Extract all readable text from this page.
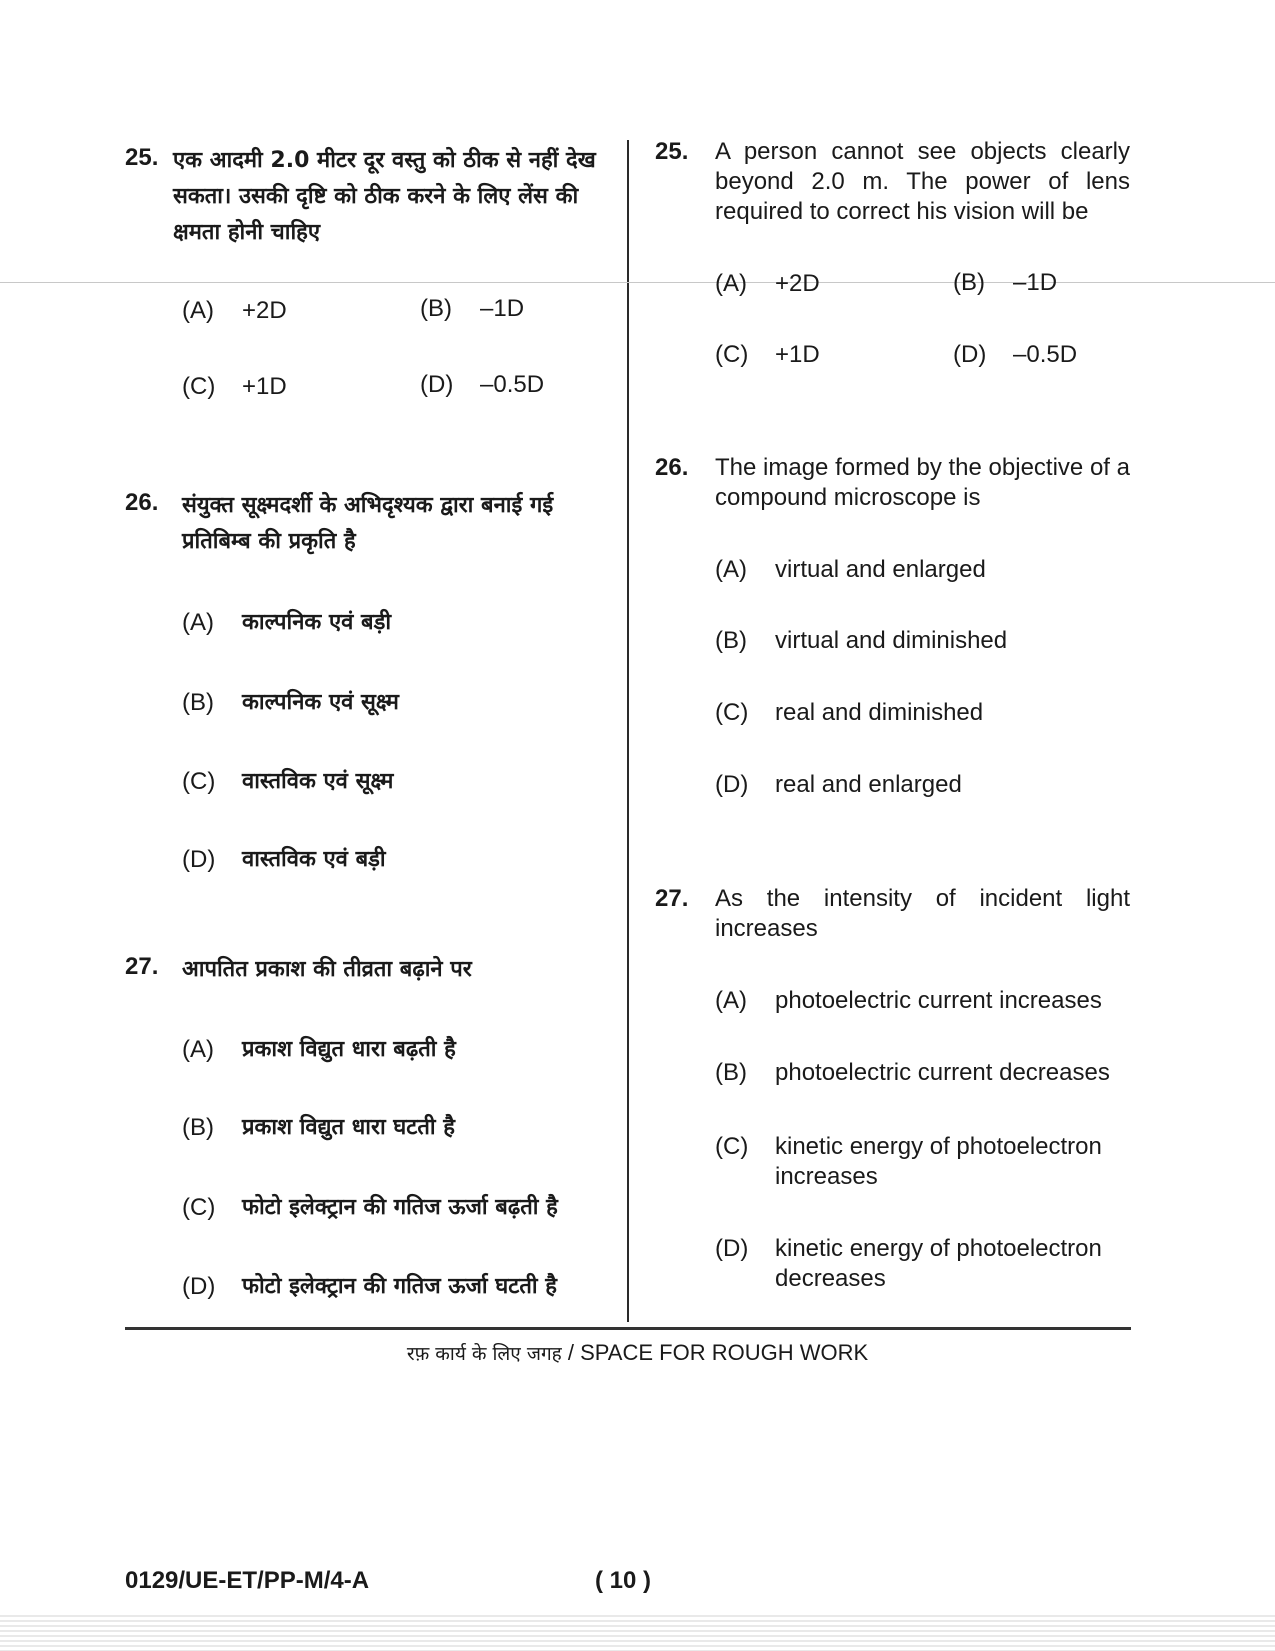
25. एक आदमी 2.0 मीटर दूर वस्तु को ठीक से नहीं देख सकता। उसकी दृष्टि को ठीक करने के लिए लेंस की क्षमता होनी चाहिए
(A) +2D	(B) –1D
(C) +1D	(D) –0.5D
26. संयुक्त सूक्ष्मदर्शी के अभिदृश्यक द्वारा बनाई गई प्रतिबिम्ब की प्रकृति है
(A) काल्पनिक एवं बड़ी
(B) काल्पनिक एवं सूक्ष्म
(C) वास्तविक एवं सूक्ष्म
(D) वास्तविक एवं बड़ी
27. आपतित प्रकाश की तीव्रता बढ़ाने पर
(A) प्रकाश विद्युत धारा बढ़ती है
(B) प्रकाश विद्युत धारा घटती है
(C) फोटो इलेक्ट्रान की गतिज ऊर्जा बढ़ती है
(D) फोटो इलेक्ट्रान की गतिज ऊर्जा घटती है
25. A person cannot see objects clearly beyond 2.0 m. The power of lens required to correct his vision will be
(A) +2D	(B) –1D
(C) +1D	(D) –0.5D
26. The image formed by the objective of a compound microscope is
(A) virtual and enlarged
(B) virtual and diminished
(C) real and diminished
(D) real and enlarged
27. As the intensity of incident light increases
(A) photoelectric current increases
(B) photoelectric current decreases
(C) kinetic energy of photoelectron increases
(D) kinetic energy of photoelectron decreases
रफ़ कार्य के लिए जगह / SPACE FOR ROUGH WORK
0129/UE-ET/PP-M/4-A	( 10 )
